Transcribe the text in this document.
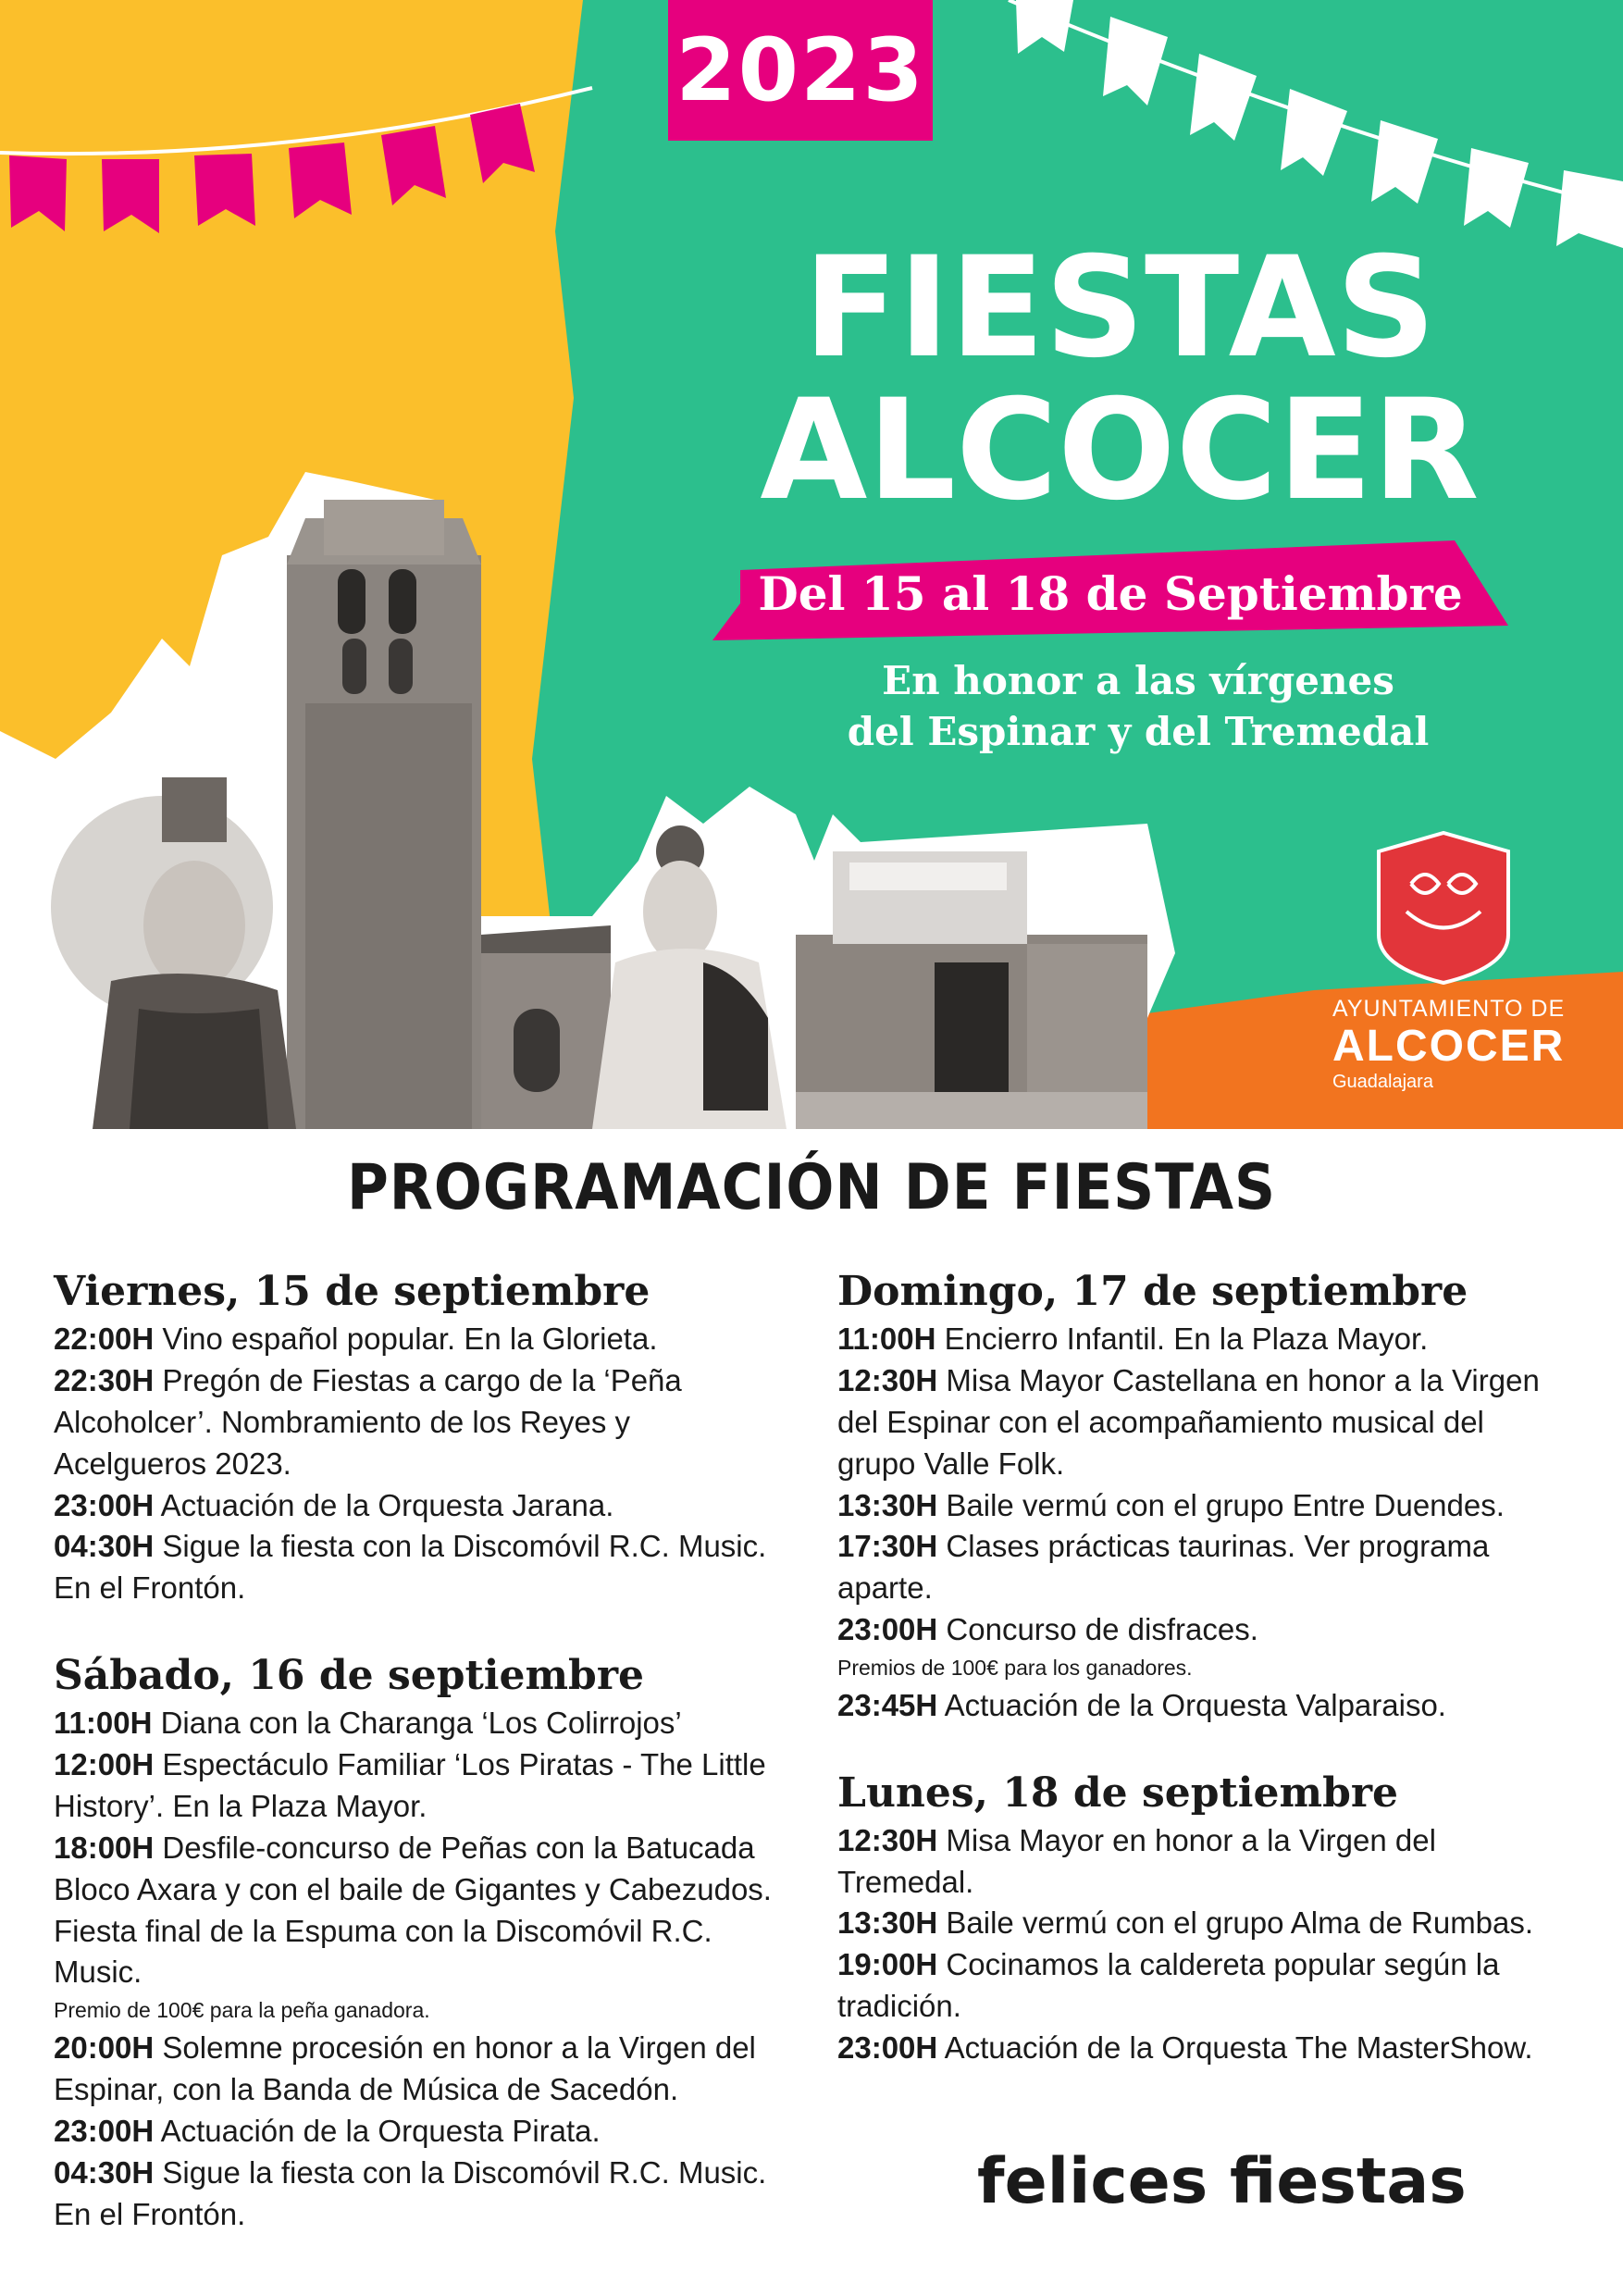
2023
FIESTAS
ALCOCER
Del 15 al 18 de Septiembre
En honor a las vírgenes
del Espinar y del Tremedal
AYUNTAMIENTO DE
ALCOCER
Guadalajara
PROGRAMACIÓN DE FIESTAS
Viernes, 15 de septiembre

22:00H Vino español popular. En la Glorieta.

22:30H Pregón de Fiestas a cargo de la ‘Peña Alcoholcer’. Nombramiento de los Reyes y Acelgueros 2023.

23:00H Actuación de la Orquesta Jarana.

04:30H Sigue la fiesta con la Discomóvil R.C. Music. En el Frontón.

Sábado, 16 de septiembre

11:00H Diana con la Charanga ‘Los Colirrojos’

12:00H Espectáculo Familiar ‘Los Piratas - The Little History’. En la Plaza Mayor.

18:00H Desfile-concurso de Peñas con la Batucada Bloco Axara y con el baile de Gigantes y Cabezudos. Fiesta final de la Espuma con la Discomóvil R.C. Music.

Premio de 100€ para la peña ganadora.

20:00H Solemne procesión en honor a la Virgen del Espinar, con la Banda de Música de Sacedón.

23:00H Actuación de la Orquesta Pirata.

04:30H Sigue la fiesta con la Discomóvil R.C. Music. En el Frontón.

Domingo, 17 de septiembre

11:00H Encierro Infantil. En la Plaza Mayor.

12:30H Misa Mayor Castellana en honor a la Virgen del Espinar con el acompañamiento musical del grupo Valle Folk.

13:30H Baile vermú con el grupo Entre Duendes.

17:30H Clases prácticas taurinas. Ver programa aparte.

23:00H Concurso de disfraces.

Premios de 100€ para los ganadores.

23:45H Actuación de la Orquesta Valparaiso.

Lunes, 18 de septiembre

12:30H Misa Mayor en honor a la Virgen del Tremedal.

13:30H Baile vermú con el grupo Alma de Rumbas.

19:00H Cocinamos la caldereta popular según la tradición.

23:00H Actuación de la Orquesta The MasterShow.

felices fiestas
